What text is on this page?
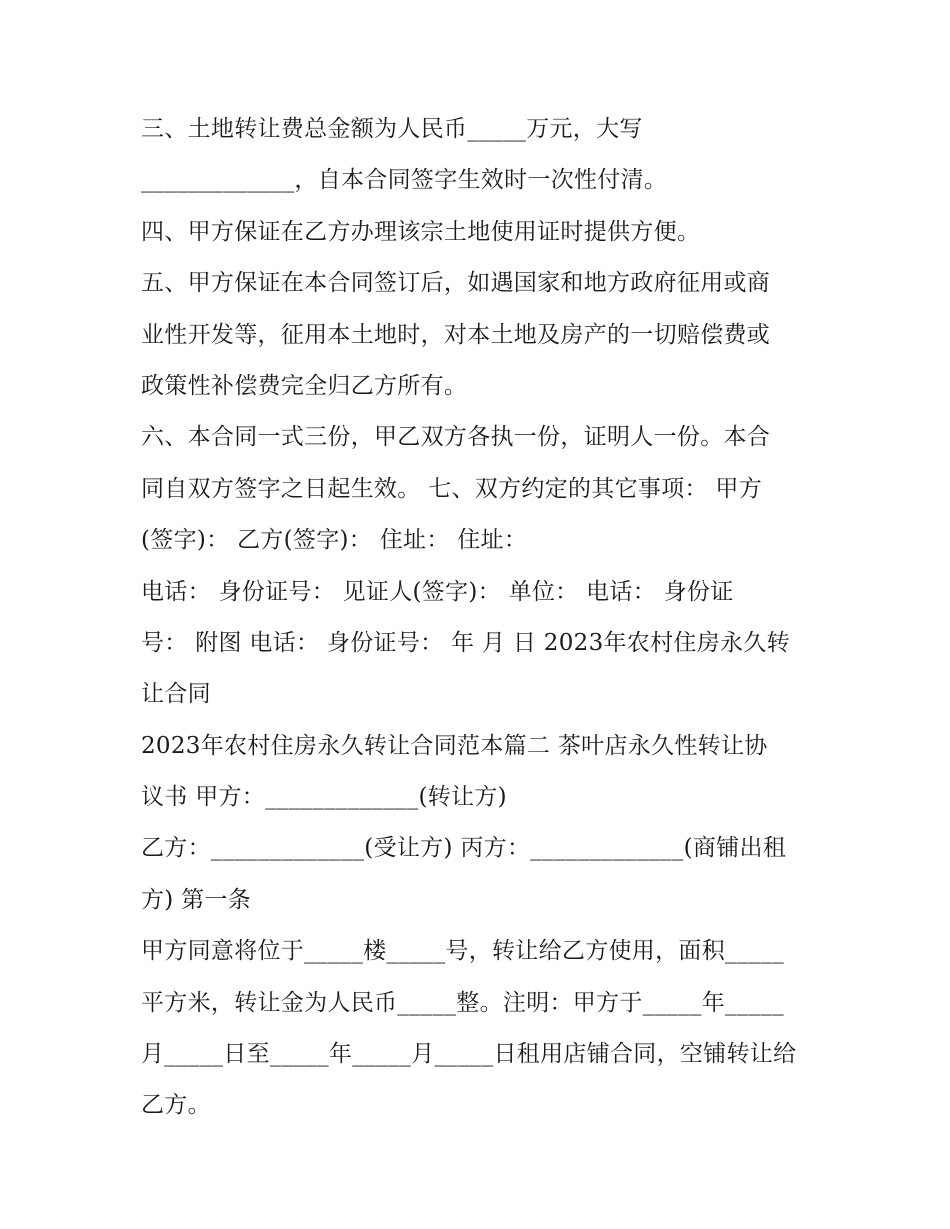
三、土地转让费总金额为人民币_____万元，大写
_____________，自本合同签字生效时一次性付清。
四、甲方保证在乙方办理该宗土地使用证时提供方便。
五、甲方保证在本合同签订后，如遇国家和地方政府征用或商
业性开发等，征用本土地时，对本土地及房产的一切赔偿费或
政策性补偿费完全归乙方所有。
六、本合同一式三份，甲乙双方各执一份，证明人一份。本合
同自双方签字之日起生效。 七、双方约定的其它事项： 甲方
(签字)： 乙方(签字)： 住址： 住址：
电话： 身份证号： 见证人(签字)： 单位： 电话： 身份证
号： 附图 电话： 身份证号： 年 月 日 2023年农村住房永久转
让合同
2023年农村住房永久转让合同范本篇二 茶叶店永久性转让协
议书 甲方：_____________(转让方)
乙方：_____________(受让方) 丙方：_____________(商铺出租
方) 第一条
甲方同意将位于_____楼_____号，转让给乙方使用，面积_____
平方米，转让金为人民币_____整。注明：甲方于_____年_____
月_____日至_____年_____月_____日租用店铺合同，空铺转让给
乙方。
